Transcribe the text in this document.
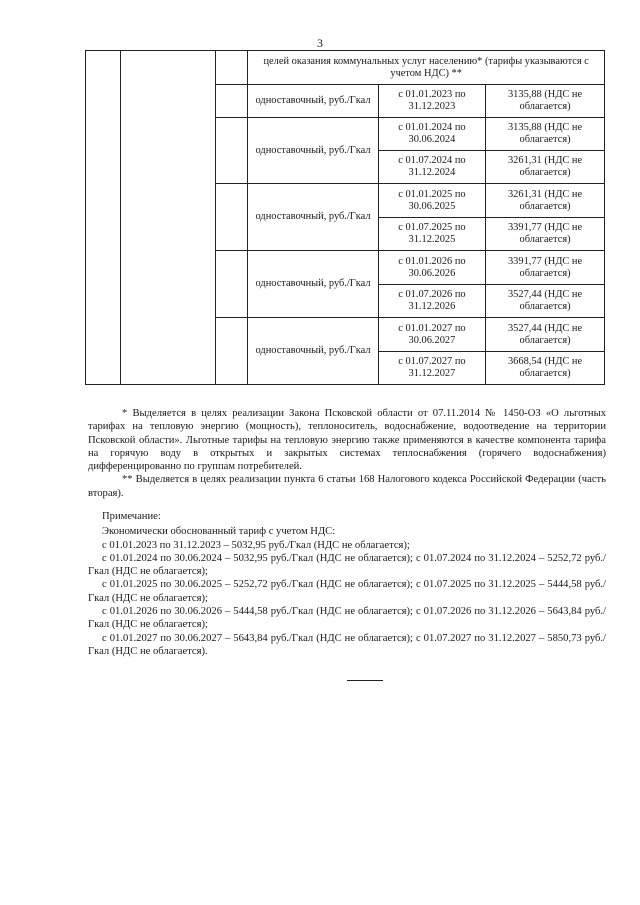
3
			целей оказания коммунальных услуг населению* (тарифы указываются с учетом НДС) **		
			одноставочный, руб./Гкал	с 01.01.2023 по 31.12.2023	3135,88 (НДС не облагается)
			одноставочный, руб./Гкал	с 01.01.2024 по 30.06.2024	3135,88 (НДС не облагается)
				с 01.07.2024 по 31.12.2024	3261,31 (НДС не облагается)
			одноставочный, руб./Гкал	с 01.01.2025 по 30.06.2025	3261,31 (НДС не облагается)
				с 01.07.2025 по 31.12.2025	3391,77 (НДС не облагается)
			одноставочный, руб./Гкал	с 01.01.2026 по 30.06.2026	3391,77 (НДС не облагается)
				с 01.07.2026 по 31.12.2026	3527,44 (НДС не облагается)
			одноставочный, руб./Гкал	с 01.01.2027 по 30.06.2027	3527,44 (НДС не облагается)
				с 01.07.2027 по 31.12.2027	3668,54 (НДС не облагается)

* Выделяется в целях реализации Закона Псковской области от 07.11.2014 № 1450-ОЗ «О льготных тарифах на тепловую энергию (мощность), теплоноситель, водоснабжение, водоотведение на территории Псковской области». Льготные тарифы на тепловую энергию также применяются в качестве компонента тарифа на горячую воду в открытых и закрытых системах теплоснабжения (горячего водоснабжения) дифференцированно по группам потребителей.

** Выделяется в целях реализации пункта 6 статьи 168 Налогового кодекса Российской Федерации (часть вторая).

Примечание:

Экономически обоснованный тариф с учетом НДС:

с 01.01.2023 по 31.12.2023 – 5032,95 руб./Гкал (НДС не облагается);

с 01.01.2024 по 30.06.2024 – 5032,95 руб./Гкал (НДС не облагается); с 01.07.2024 по 31.12.2024 – 5252,72 руб./Гкал (НДС не облагается);

с 01.01.2025 по 30.06.2025 – 5252,72 руб./Гкал (НДС не облагается); с 01.07.2025 по 31.12.2025 – 5444,58 руб./Гкал (НДС не облагается);

с 01.01.2026 по 30.06.2026 – 5444,58 руб./Гкал (НДС не облагается); с 01.07.2026 по 31.12.2026 – 5643,84 руб./Гкал (НДС не облагается);

с 01.01.2027 по 30.06.2027 – 5643,84 руб./Гкал (НДС не облагается); с 01.07.2027 по 31.12.2027 – 5850,73 руб./Гкал (НДС не облагается).
